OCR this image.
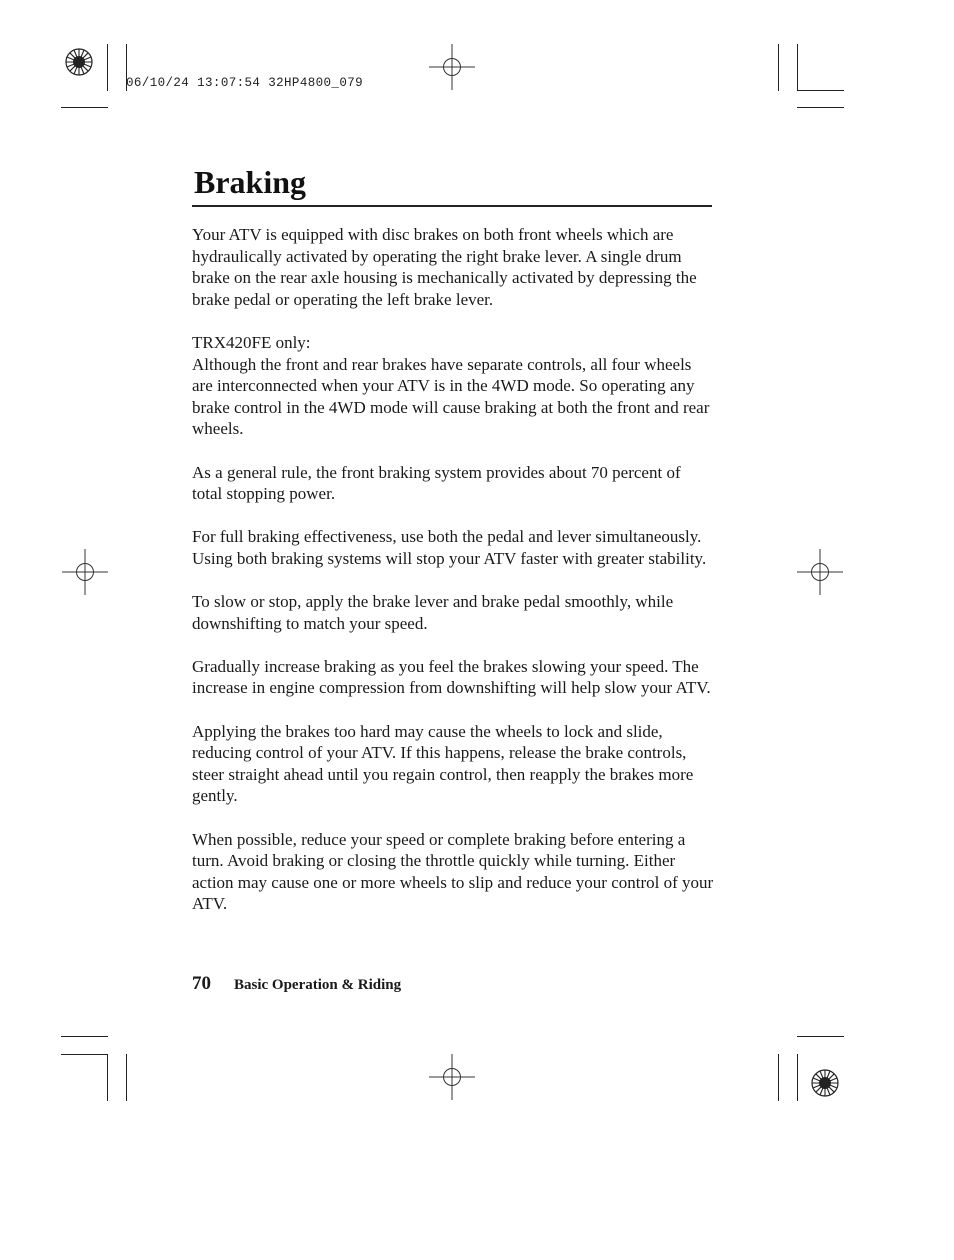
06/10/24 13:07:54 32HP4800_079
Braking

Your ATV is equipped with disc brakes on both front wheels which are hydraulically activated by operating the right brake lever. A single drum brake on the rear axle housing is mechanically activated by depressing the brake pedal or operating the left brake lever.

TRX420FE only:
Although the front and rear brakes have separate controls, all four wheels are interconnected when your ATV is in the 4WD mode. So operating any brake control in the 4WD mode will cause braking at both the front and rear wheels.

As a general rule, the front braking system provides about 70 percent of total stopping power.

For full braking effectiveness, use both the pedal and lever simultaneously. Using both braking systems will stop your ATV faster with greater stability.

To slow or stop, apply the brake lever and brake pedal smoothly, while downshifting to match your speed.

Gradually increase braking as you feel the brakes slowing your speed. The increase in engine compression from downshifting will help slow your ATV.

Applying the brakes too hard may cause the wheels to lock and slide, reducing control of your ATV. If this happens, release the brake controls, steer straight ahead until you regain control, then reapply the brakes more gently.

When possible, reduce your speed or complete braking before entering a turn. Avoid braking or closing the throttle quickly while turning. Either action may cause one or more wheels to slip and reduce your control of your ATV.

70 Basic Operation & Riding
